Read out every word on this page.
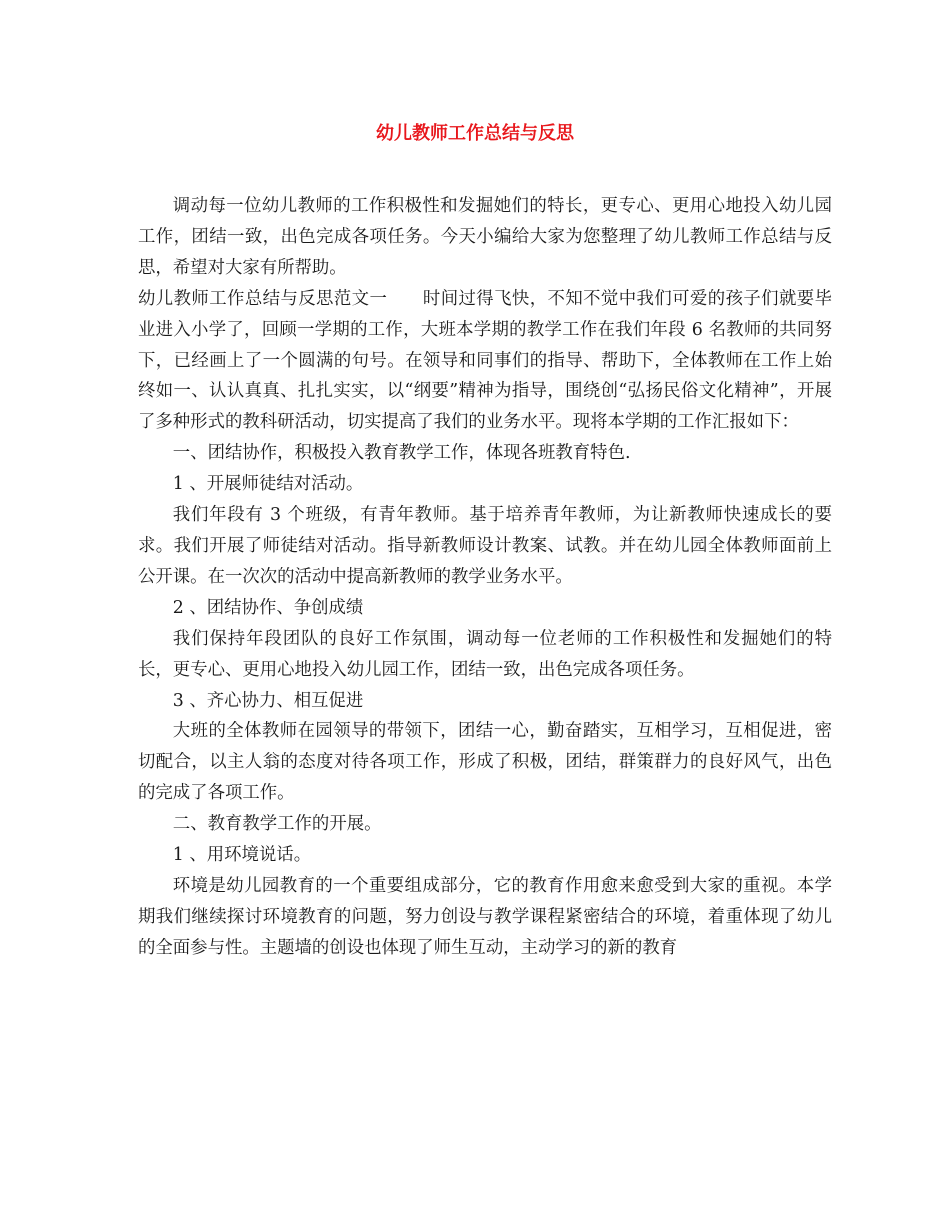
幼儿教师工作总结与反思

调动每一位幼儿教师的工作积极性和发掘她们的特长，更专心、更用心地投入幼儿园工作，团结一致，出色完成各项任务。今天小编给大家为您整理了幼儿教师工作总结与反思，希望对大家有所帮助。

幼儿教师工作总结与反思范文一　　时间过得飞快，不知不觉中我们可爱的孩子们就要毕业进入小学了，回顾一学期的工作，大班本学期的教学工作在我们年段 6 名教师的共同努下，已经画上了一个圆满的句号。在领导和同事们的指导、帮助下，全体教师在工作上始终如一、认认真真、扎扎实实，以“纲要”精神为指导，围绕创“弘扬民俗文化精神”，开展了多种形式的教科研活动，切实提高了我们的业务水平。现将本学期的工作汇报如下：

一、团结协作，积极投入教育教学工作，体现各班教育特色.

1 、开展师徒结对活动。

我们年段有 3 个班级，有青年教师。基于培养青年教师，为让新教师快速成长的要求。我们开展了师徒结对活动。指导新教师设计教案、试教。并在幼儿园全体教师面前上公开课。在一次次的活动中提高新教师的教学业务水平。

2 、团结协作、争创成绩

我们保持年段团队的良好工作氛围，调动每一位老师的工作积极性和发掘她们的特长，更专心、更用心地投入幼儿园工作，团结一致，出色完成各项任务。

3 、齐心协力、相互促进

大班的全体教师在园领导的带领下，团结一心，勤奋踏实，互相学习，互相促进，密切配合，以主人翁的态度对待各项工作，形成了积极，团结，群策群力的良好风气，出色的完成了各项工作。

二、教育教学工作的开展。

1 、用环境说话。

环境是幼儿园教育的一个重要组成部分，它的教育作用愈来愈受到大家的重视。本学期我们继续探讨环境教育的问题，努力创设与教学课程紧密结合的环境，着重体现了幼儿的全面参与性。主题墙的创设也体现了师生互动，主动学习的新的教育
